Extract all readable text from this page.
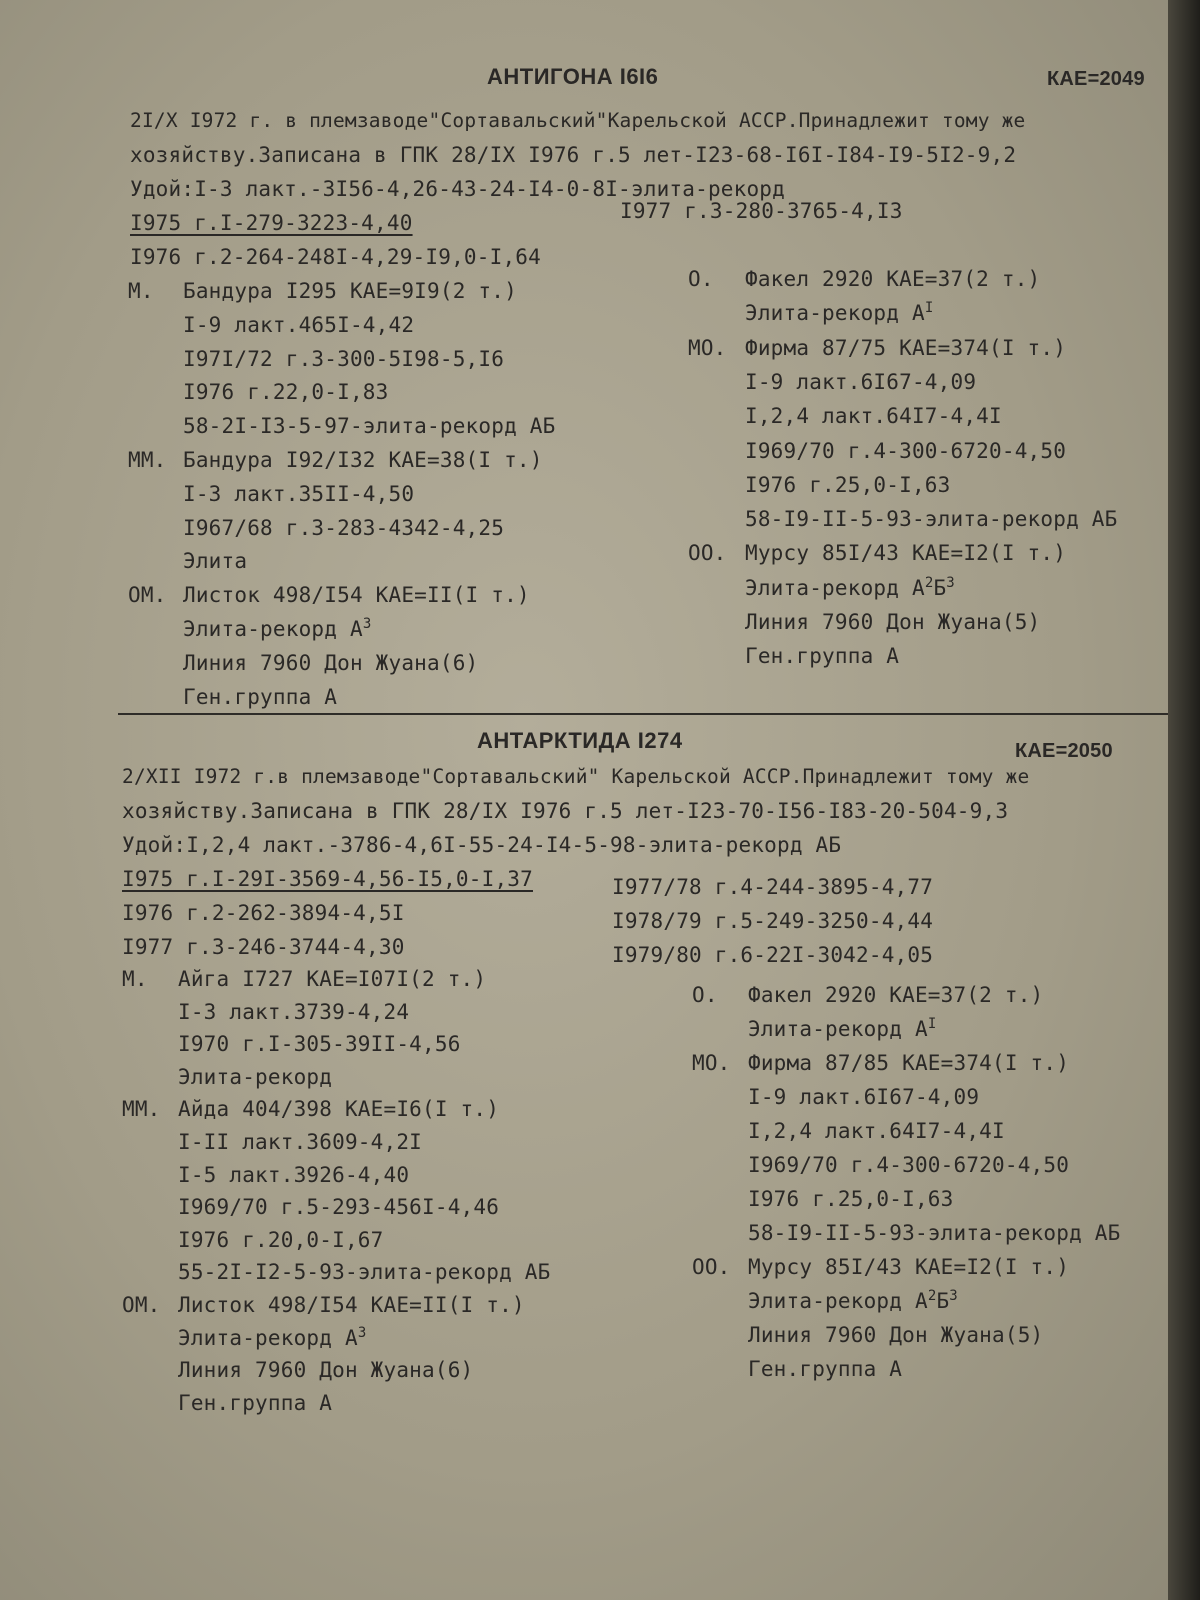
АНТИГОНА I6I6	КАЕ=2049
2I/X I972 г. в племзаводе"Сортавальский"Карельской АССР.Принадлежит тому же
хозяйству.Записана в ГПК 28/IX I976 г.5 лет-I23-68-I6I-I84-I9-5I2-9,2
Удой:I-3 лакт.-3I56-4,26-43-24-I4-0-8I-элита-рекорд
I975 г.I-279-3223-4,40	I977 г.3-280-3765-4,I3
I976 г.2-264-248I-4,29-I9,0-I,64
М. Бандура I295 КАЕ=9I9(2 т.)
I-9 лакт.465I-4,42
I97I/72 г.3-300-5I98-5,I6
I976 г.22,0-I,83
58-2I-I3-5-97-элита-рекорд АБ
ММ. Бандура I92/I32 КАЕ=38(I т.)
I-3 лакт.35II-4,50
I967/68 г.3-283-4342-4,25
Элита
ОМ. Листок 498/I54 КАЕ=II(I т.)
Элита-рекорд $А^3$
Линия 7960 Дон Жуана(6)
Ген.группа А
О. Факел 2920 КАЕ=37(2 т.)
Элита-рекорд $А^I$
МО. Фирма 87/75 КАЕ=374(I т.)
I-9 лакт.6I67-4,09
I,2,4 лакт.64I7-4,4I
I969/70 г.4-300-6720-4,50
I976 г.25,0-I,63
58-I9-II-5-93-элита-рекорд АБ
ОО. Мурсу 85I/43 КАЕ=I2(I т.)
Элита-рекорд $А^2Б^3$
Линия 7960 Дон Жуана(5)
Ген.группа А
АНТАРКТИДА I274	КАЕ=2050
2/XII I972 г.в племзаводе"Сортавальский" Карельской АССР.Принадлежит тому же
хозяйству.Записана в ГПК 28/IX I976 г.5 лет-I23-70-I56-I83-20-504-9,3
Удой:I,2,4 лакт.-3786-4,6I-55-24-I4-5-98-элита-рекорд АБ
I975 г.I-29I-3569-4,56-I5,0-I,37
I976 г.2-262-3894-4,5I
I977 г.3-246-3744-4,30
I977/78 г.4-244-3895-4,77
I978/79 г.5-249-3250-4,44
I979/80 г.6-22I-3042-4,05
М. Айга I727 КАЕ=I07I(2 т.)
I-3 лакт.3739-4,24
I970 г.I-305-39II-4,56
Элита-рекорд
ММ. Айда 404/398 КАЕ=I6(I т.)
I-II лакт.3609-4,2I
I-5 лакт.3926-4,40
I969/70 г.5-293-456I-4,46
I976 г.20,0-I,67
55-2I-I2-5-93-элита-рекорд АБ
ОМ. Листок 498/I54 КАЕ=II(I т.)
Элита-рекорд $А^3$
Линия 7960 Дон Жуана(6)
Ген.группа А
О. Факел 2920 КАЕ=37(2 т.)
Элита-рекорд $А^I$
МО. Фирма 87/85 КАЕ=374(I т.)
I-9 лакт.6I67-4,09
I,2,4 лакт.64I7-4,4I
I969/70 г.4-300-6720-4,50
I976 г.25,0-I,63
58-I9-II-5-93-элита-рекорд АБ
ОО. Мурсу 85I/43 КАЕ=I2(I т.)
Элита-рекорд $А^2Б^3$
Линия 7960 Дон Жуана(5)
Ген.группа А
